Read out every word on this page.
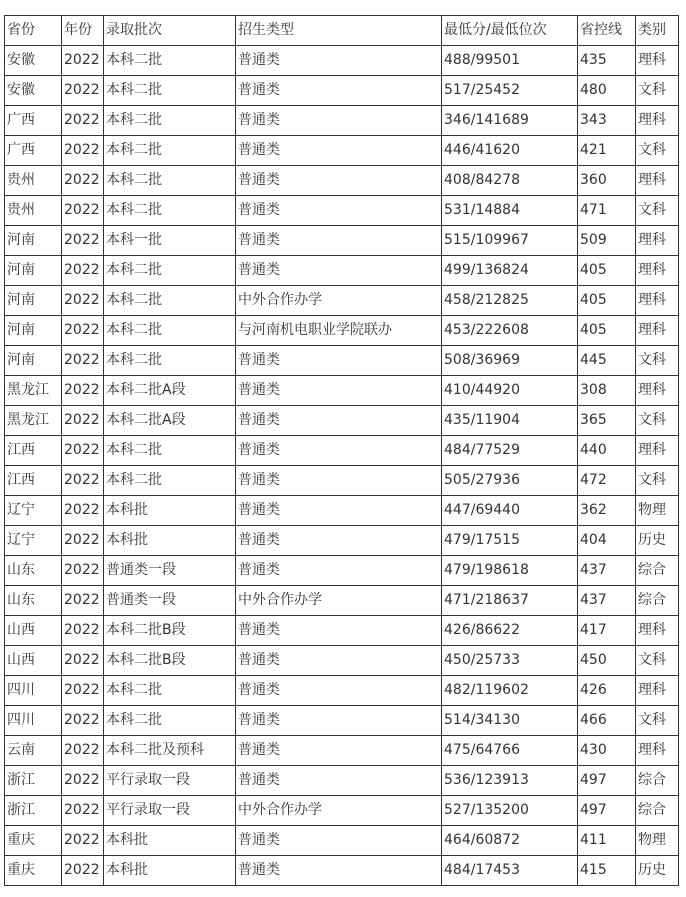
省份	年份	录取批次	招生类型	最低分/最低位次	省控线	类别
安徽	2022	本科二批	普通类	488/99501	435	理科
安徽	2022	本科二批	普通类	517/25452	480	文科
广西	2022	本科二批	普通类	346/141689	343	理科
广西	2022	本科二批	普通类	446/41620	421	文科
贵州	2022	本科二批	普通类	408/84278	360	理科
贵州	2022	本科二批	普通类	531/14884	471	文科
河南	2022	本科一批	普通类	515/109967	509	理科
河南	2022	本科二批	普通类	499/136824	405	理科
河南	2022	本科二批	中外合作办学	458/212825	405	理科
河南	2022	本科二批	与河南机电职业学院联办	453/222608	405	理科
河南	2022	本科二批	普通类	508/36969	445	文科
黑龙江	2022	本科二批A段	普通类	410/44920	308	理科
黑龙江	2022	本科二批A段	普通类	435/11904	365	文科
江西	2022	本科二批	普通类	484/77529	440	理科
江西	2022	本科二批	普通类	505/27936	472	文科
辽宁	2022	本科批	普通类	447/69440	362	物理
辽宁	2022	本科批	普通类	479/17515	404	历史
山东	2022	普通类一段	普通类	479/198618	437	综合
山东	2022	普通类一段	中外合作办学	471/218637	437	综合
山西	2022	本科二批B段	普通类	426/86622	417	理科
山西	2022	本科二批B段	普通类	450/25733	450	文科
四川	2022	本科二批	普通类	482/119602	426	理科
四川	2022	本科二批	普通类	514/34130	466	文科
云南	2022	本科二批及预科	普通类	475/64766	430	理科
浙江	2022	平行录取一段	普通类	536/123913	497	综合
浙江	2022	平行录取一段	中外合作办学	527/135200	497	综合
重庆	2022	本科批	普通类	464/60872	411	物理
重庆	2022	本科批	普通类	484/17453	415	历史
